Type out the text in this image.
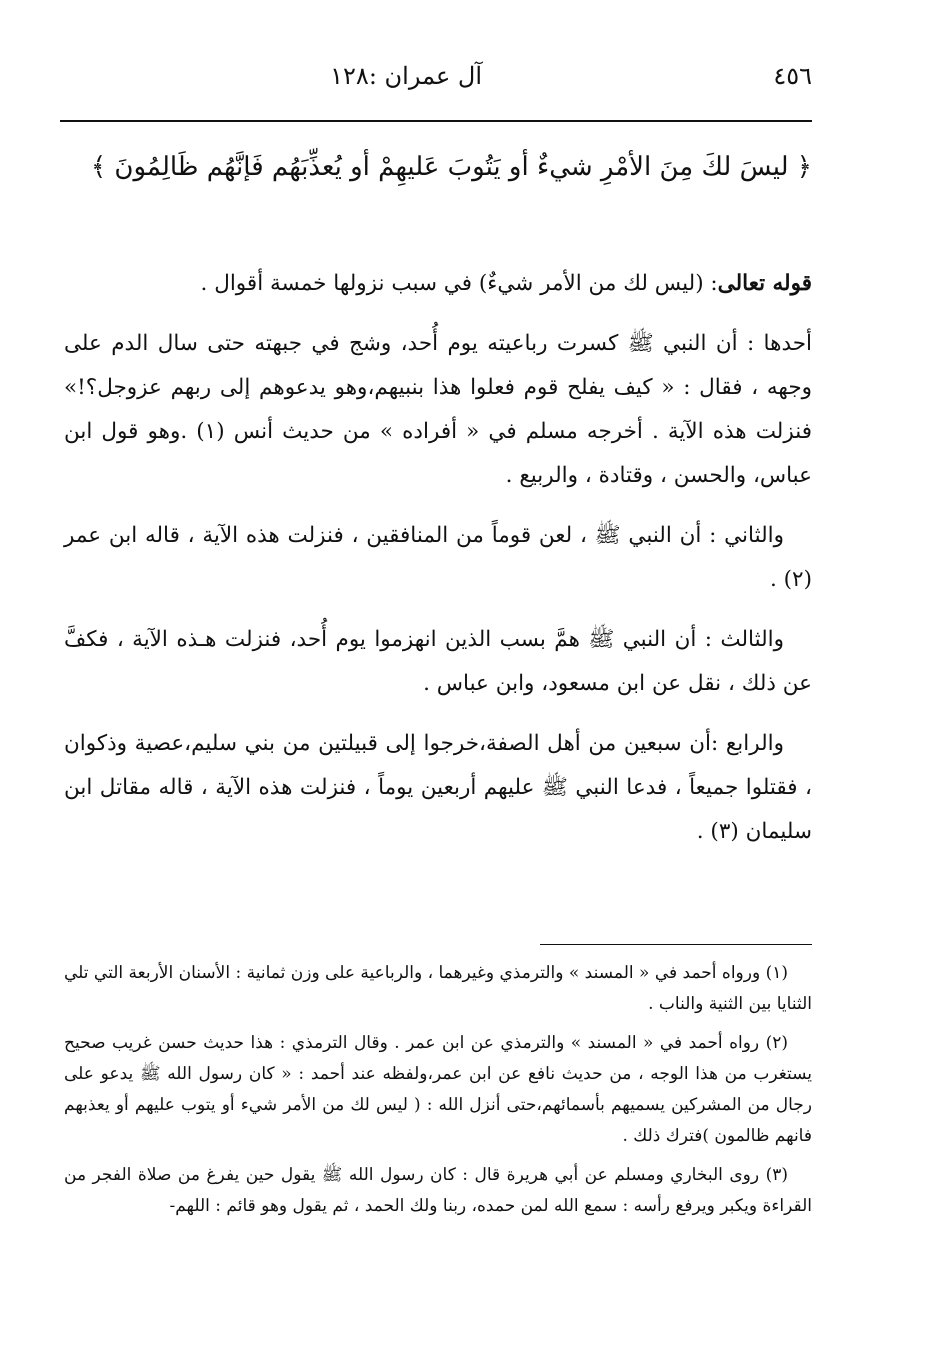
٤٥٦
آل عمران :١٢٨
﴿ ليسَ لكَ مِنَ الأمْرِ شيءٌ أو يَتُوبَ عَليهِمْ أو يُعذِّبَهُم فَإنَّهُم ظَالِمُونَ ﴾

قوله تعالى: (ليس لك من الأمر شيءٌ) في سبب نزولها خمسة أقوال .

أحدها : أن النبي ﷺ كسرت رباعيته يوم أُحد، وشج في جبهته حتى سال الدم على وجهه ، فقال : « كيف يفلح قوم فعلوا هذا بنبيهم،وهو يدعوهم إلى ربهم عزوجل؟!» فنزلت هذه الآية . أخرجه مسلم في « أفراده » من حديث أنس (١) .وهو قول ابن عباس، والحسن ، وقتادة ، والربيع .

والثاني : أن النبي ﷺ ، لعن قوماً من المنافقين ، فنزلت هذه الآية ، قاله ابن عمر (٢) .

والثالث : أن النبي ﷺ همَّ بسب الذين انهزموا يوم أُحد، فنزلت هـذه الآية ، فكفَّ عن ذلك ، نقل عن ابن مسعود، وابن عباس .

والرابع :أن سبعين من أهل الصفة،خرجوا إلى قبيلتين من بني سليم،عصية وذكوان ، فقتلوا جميعاً ، فدعا النبي ﷺ عليهم أربعين يوماً ، فنزلت هذه الآية ، قاله مقاتل ابن سليمان (٣) .

(١) ورواه أحمد في « المسند » والترمذي وغيرهما ، والرباعية على وزن ثمانية : الأسنان الأربعة التي تلي الثنايا بين الثنية والناب .

(٢) رواه أحمد في « المسند » والترمذي عن ابن عمر . وقال الترمذي : هذا حديث حسن غريب صحيح يستغرب من هذا الوجه ، من حديث نافع عن ابن عمر،ولفظه عند أحمد : « كان رسول الله ﷺ يدعو على رجال من المشركين يسميهم بأسمائهم،حتى أنزل الله : ( ليس لك من الأمر شيء أو يتوب عليهم أو يعذبهم فانهم ظالمون )فترك ذلك .

(٣) روى البخاري ومسلم عن أبي هريرة قال : كان رسول الله ﷺ يقول حين يفرغ من صلاة الفجر من القراءة ويكبر ويرفع رأسه : سمع الله لمن حمده، ربنا ولك الحمد ، ثم يقول وهو قائم : اللهم-
